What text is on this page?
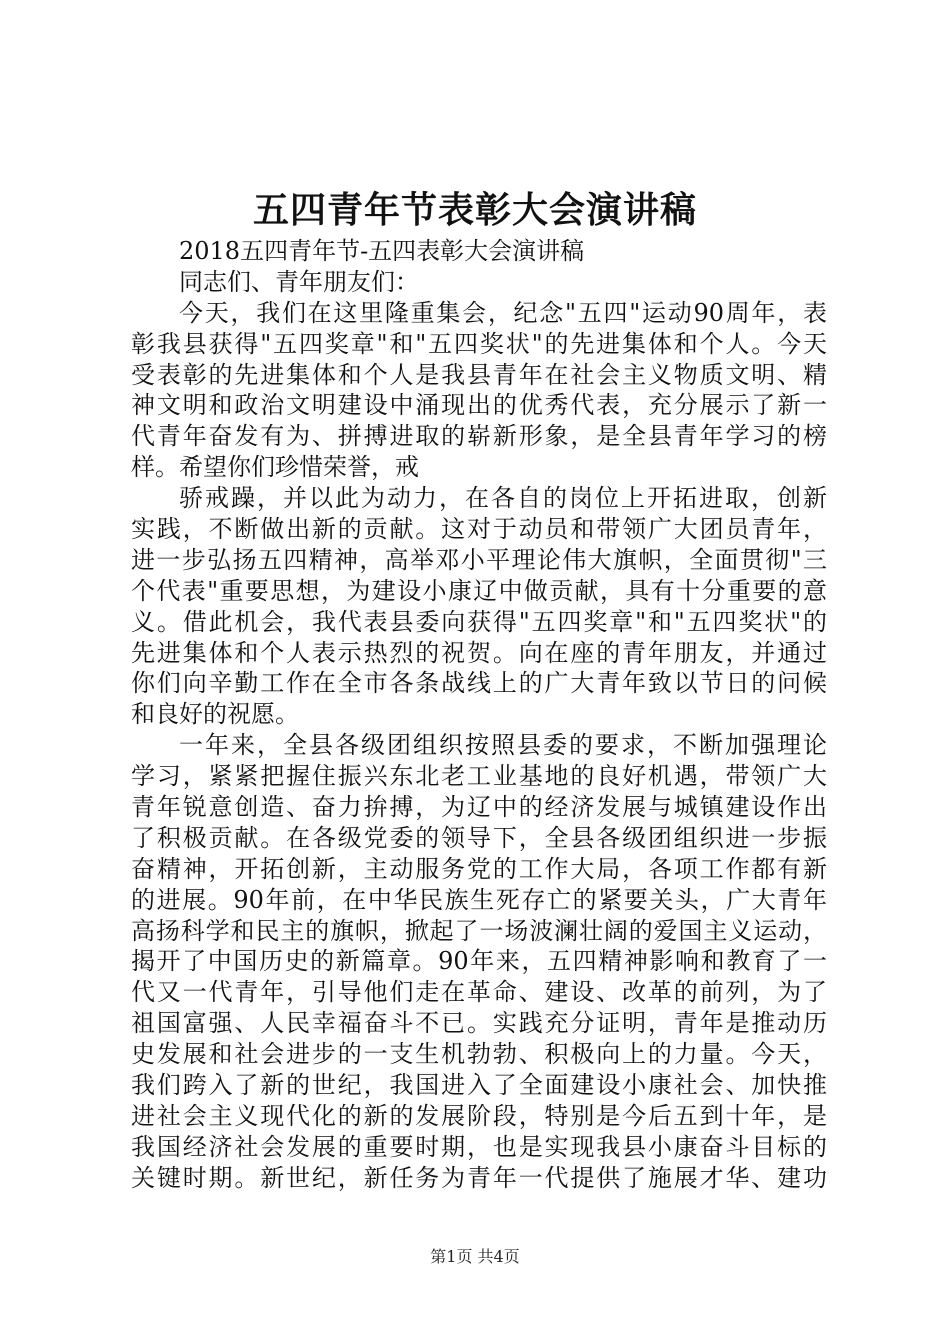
五四青年节表彰大会演讲稿
2018五四青年节-五四表彰大会演讲稿
同志们、青年朋友们：
今天，我们在这里隆重集会，纪念"五四"运动90周年，表
彰我县获得"五四奖章"和"五四奖状"的先进集体和个人。今天
受表彰的先进集体和个人是我县青年在社会主义物质文明、精
神文明和政治文明建设中涌现出的优秀代表，充分展示了新一
代青年奋发有为、拼搏进取的崭新形象，是全县青年学习的榜
样。希望你们珍惜荣誉，戒
骄戒躁，并以此为动力，在各自的岗位上开拓进取，创新
实践，不断做出新的贡献。这对于动员和带领广大团员青年，
进一步弘扬五四精神，高举邓小平理论伟大旗帜，全面贯彻"三
个代表"重要思想，为建设小康辽中做贡献，具有十分重要的意
义。借此机会，我代表县委向获得"五四奖章"和"五四奖状"的
先进集体和个人表示热烈的祝贺。向在座的青年朋友，并通过
你们向辛勤工作在全市各条战线上的广大青年致以节日的问候
和良好的祝愿。
一年来，全县各级团组织按照县委的要求，不断加强理论
学习，紧紧把握住振兴东北老工业基地的良好机遇，带领广大
青年锐意创造、奋力拚搏，为辽中的经济发展与城镇建设作出
了积极贡献。在各级党委的领导下，全县各级团组织进一步振
奋精神，开拓创新，主动服务党的工作大局，各项工作都有新
的进展。90年前，在中华民族生死存亡的紧要关头，广大青年
高扬科学和民主的旗帜，掀起了一场波澜壮阔的爱国主义运动，
揭开了中国历史的新篇章。90年来，五四精神影响和教育了一
代又一代青年，引导他们走在革命、建设、改革的前列，为了
祖国富强、人民幸福奋斗不已。实践充分证明，青年是推动历
史发展和社会进步的一支生机勃勃、积极向上的力量。今天，
我们跨入了新的世纪，我国进入了全面建设小康社会、加快推
进社会主义现代化的新的发展阶段，特别是今后五到十年，是
我国经济社会发展的重要时期，也是实现我县小康奋斗目标的
关键时期。新世纪，新任务为青年一代提供了施展才华、建功
第1页 共4页
